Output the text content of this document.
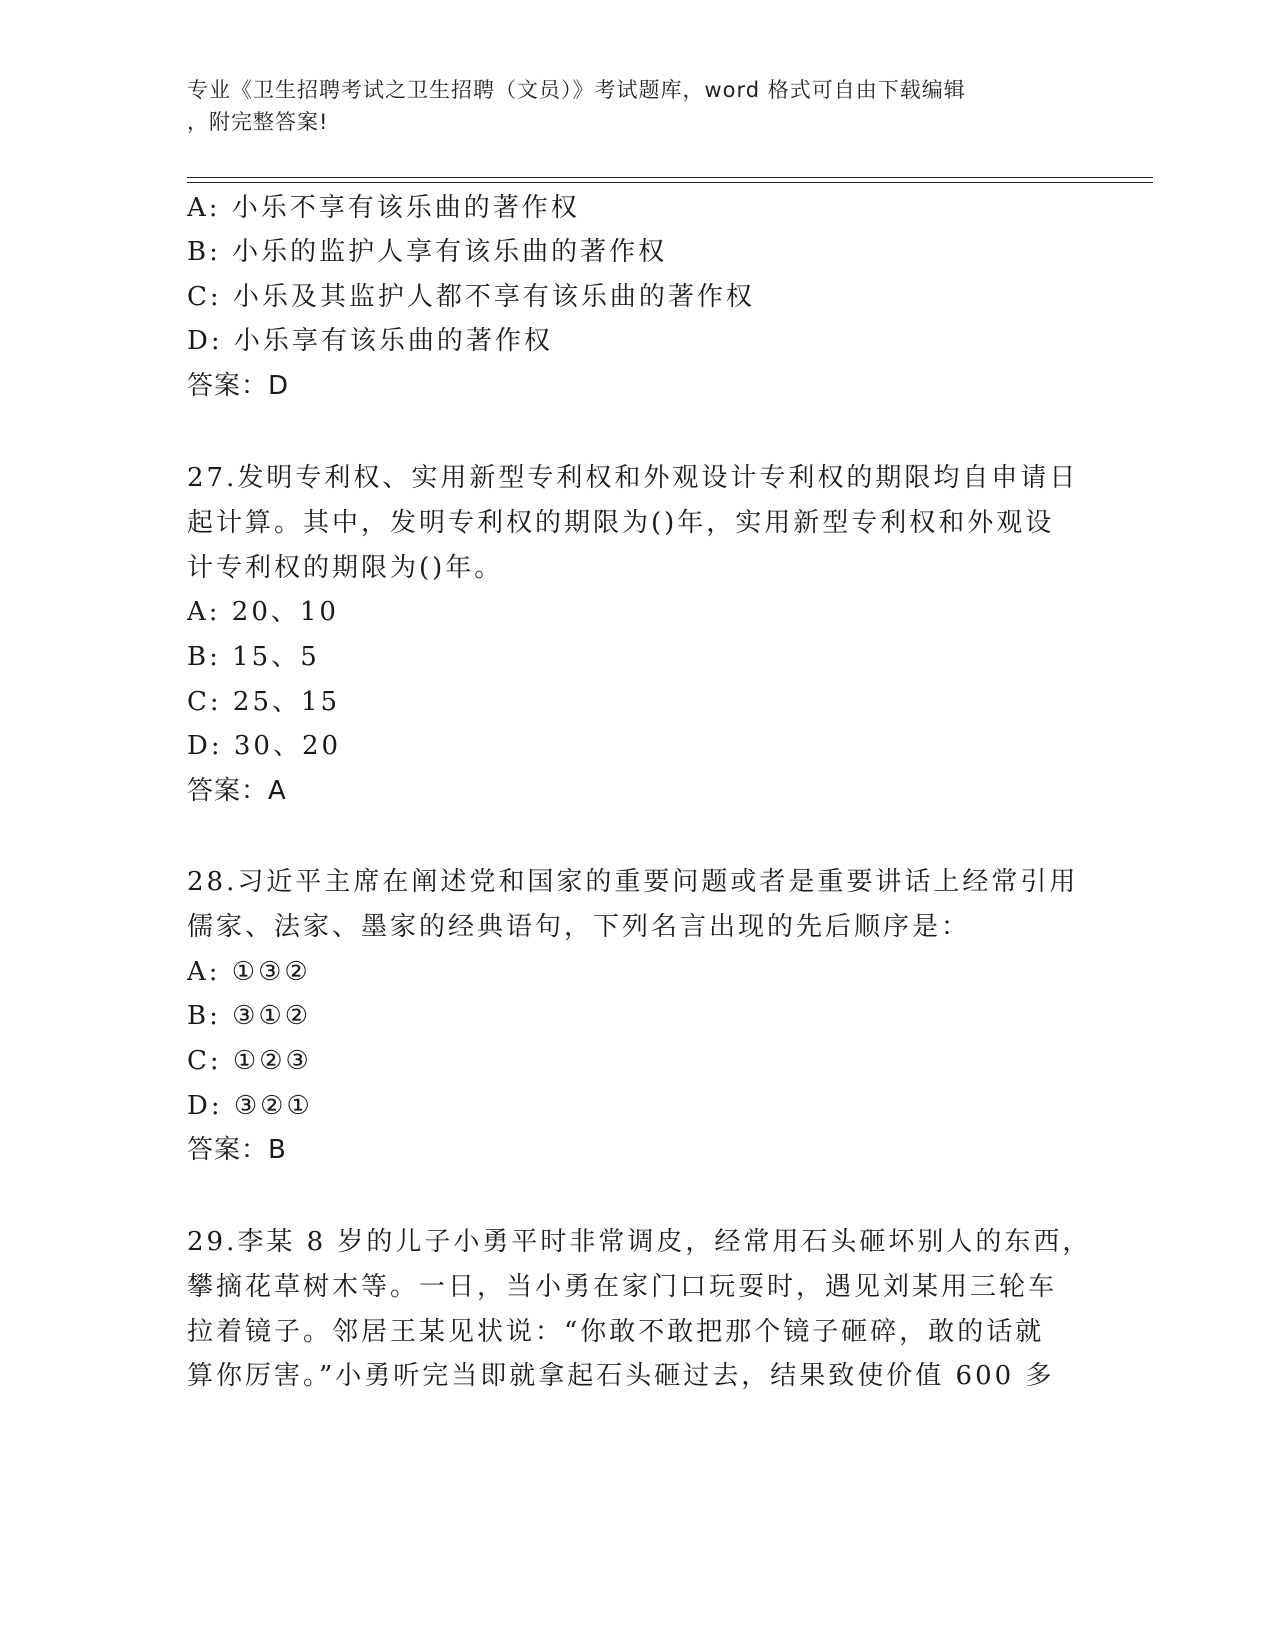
专业《卫生招聘考试之卫生招聘（文员）》考试题库，word 格式可自由下载编辑
，附完整答案!
A: 小乐不享有该乐曲的著作权
B: 小乐的监护人享有该乐曲的著作权
C: 小乐及其监护人都不享有该乐曲的著作权
D: 小乐享有该乐曲的著作权
答案：D
27.发明专利权、实用新型专利权和外观设计专利权的期限均自申请日
起计算。其中，发明专利权的期限为()年，实用新型专利权和外观设
计专利权的期限为()年。
A: 20、10
B: 15、5
C: 25、15
D: 30、20
答案：A
28.习近平主席在阐述党和国家的重要问题或者是重要讲话上经常引用
儒家、法家、墨家的经典语句，下列名言出现的先后顺序是：
A: ①③②
B: ③①②
C: ①②③
D: ③②①
答案：B
29.李某 8 岁的儿子小勇平时非常调皮，经常用石头砸坏别人的东西，
攀摘花草树木等。一日，当小勇在家门口玩耍时，遇见刘某用三轮车
拉着镜子。邻居王某见状说：“你敢不敢把那个镜子砸碎，敢的话就
算你厉害。”小勇听完当即就拿起石头砸过去，结果致使价值 600 多
